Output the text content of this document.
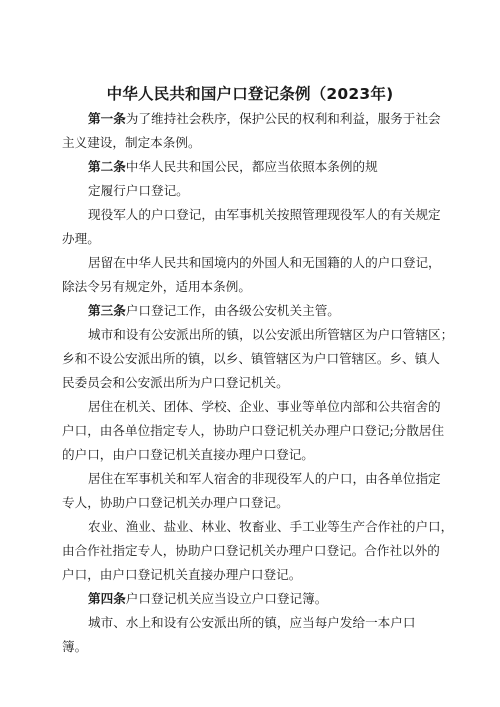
中华人民共和国户口登记条例（2023年)
第一条为了维持社会秩序，保护公民的权利和利益，服务于社会
主义建设，制定本条例。
第二条中华人民共和国公民，都应当依照本条例的规
定履行户口登记。
现役军人的户口登记，由军事机关按照管理现役军人的有关规定
办理。
居留在中华人民共和国境内的外国人和无国籍的人的户口登记，
除法令另有规定外，适用本条例。
第三条户口登记工作，由各级公安机关主管。
城市和设有公安派出所的镇，以公安派出所管辖区为户口管辖区；
乡和不设公安派出所的镇，以乡、镇管辖区为户口管辖区。乡、镇人
民委员会和公安派出所为户口登记机关。
居住在机关、团体、学校、企业、事业等单位内部和公共宿舍的
户口，由各单位指定专人，协助户口登记机关办理户口登记;分散居住
的户口，由户口登记机关直接办理户口登记。
居住在军事机关和军人宿舍的非现役军人的户口，由各单位指定
专人，协助户口登记机关办理户口登记。
农业、渔业、盐业、林业、牧畜业、手工业等生产合作社的户口，
由合作社指定专人，协助户口登记机关办理户口登记。合作社以外的
户口，由户口登记机关直接办理户口登记。
第四条户口登记机关应当设立户口登记簿。
城市、水上和设有公安派出所的镇，应当每户发给一本户口
簿。
